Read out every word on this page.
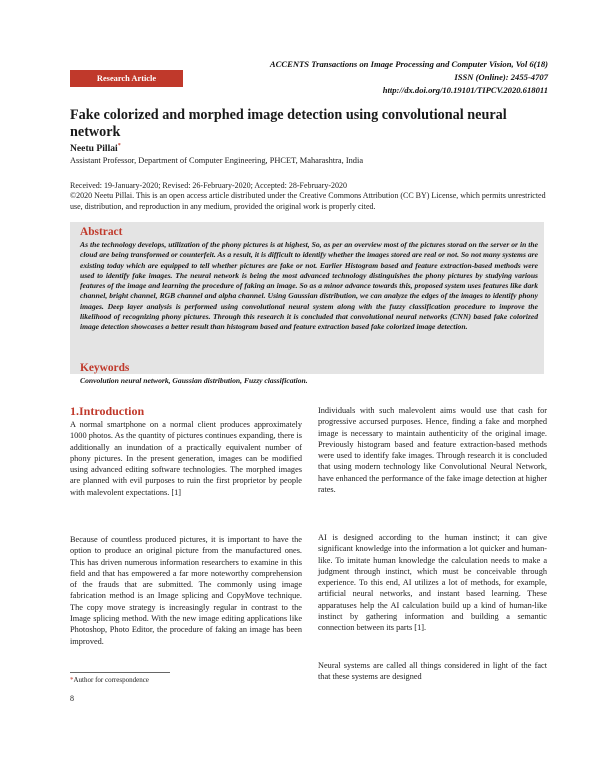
ACCENTS Transactions on Image Processing and Computer Vision, Vol 6(18)
ISSN (Online): 2455-4707
http://dx.doi.org/10.19101/TIPCV.2020.618011
Research Article
Fake colorized and morphed image detection using convolutional neural network
Neetu Pillai*
Assistant Professor, Department of Computer Engineering, PHCET, Maharashtra, India
Received: 19-January-2020; Revised: 26-February-2020; Accepted: 28-February-2020
©2020 Neetu Pillai. This is an open access article distributed under the Creative Commons Attribution (CC BY) License, which permits unrestricted use, distribution, and reproduction in any medium, provided the original work is properly cited.
Abstract
As the technology develops, utilization of the phony pictures is at highest, So, as per an overview most of the pictures storad on the server or in the cloud are being transformed or counterfeit. As a result, it is difficult to identify whether the images stored are real or not. So not many systems are existing today which are equipped to tell whether pictures are fake or not. Earlier Histogram based and feature extraction-based methods were used to identify fake images. The neural network is being the most advanced technology distinguishes the phony pictures by studying various features of the image and learning the procedure of faking an image. So as a minor advance towards this, proposed system uses features like dark channel, bright channel, RGB channel and alpha channel. Using Gaussian distribution, we can analyze the edges of the images to identify phony images. Deep layer analysis is performed using convolutional neural system along with the fuzzy classification procedure to improve the likelihood of recognizing phony pictures. Through this research it is concluded that convolutional neural networks (CNN) based fake colorized image detection showcases a better result than histogram based and feature extraction based fake colorized image detection.
Keywords
Convolution neural network, Gaussian distribution, Fuzzy classification.
1.Introduction

A normal smartphone on a normal client produces approximately 1000 photos. As the quantity of pictures continues expanding, there is additionally an inundation of a practically equivalent number of phony pictures. In the present generation, images can be modified using advanced editing software technologies. The morphed images are planned with evil purposes to ruin the first proprietor by people with malevolent expectations. [1]

Because of countless produced pictures, it is important to have the option to produce an original picture from the manufactured ones. This has driven numerous information researchers to examine in this field and that has empowered a far more noteworthy comprehension of the frauds that are submitted. The commonly using image fabrication method is an Image splicing and CopyMove technique. The copy move strategy is increasingly regular in contrast to the Image splicing method. With the new image editing applications like Photoshop, Photo Editor, the procedure of faking an image has been improved.

Individuals with such malevolent aims would use that cash for progressive accursed purposes. Hence, finding a fake and morphed image is necessary to maintain authenticity of the original image. Previously histogram based and feature extraction-based methods were used to identify fake images. Through research it is concluded that using modern technology like Convolutional Neural Network, have enhanced the performance of the fake image detection at higher rates.

AI is designed according to the human instinct; it can give significant knowledge into the information a lot quicker and human-like. To imitate human knowledge the calculation needs to make a judgment through instinct, which must be conceivable through experience. To this end, AI utilizes a lot of methods, for example, artificial neural networks, and instant based learning. These apparatuses help the AI calculation build up a kind of human-like instinct by gathering information and building a semantic connection between its parts [1].

Neural systems are called all things considered in light of the fact that these systems are designed

*Author for correspondence
8
